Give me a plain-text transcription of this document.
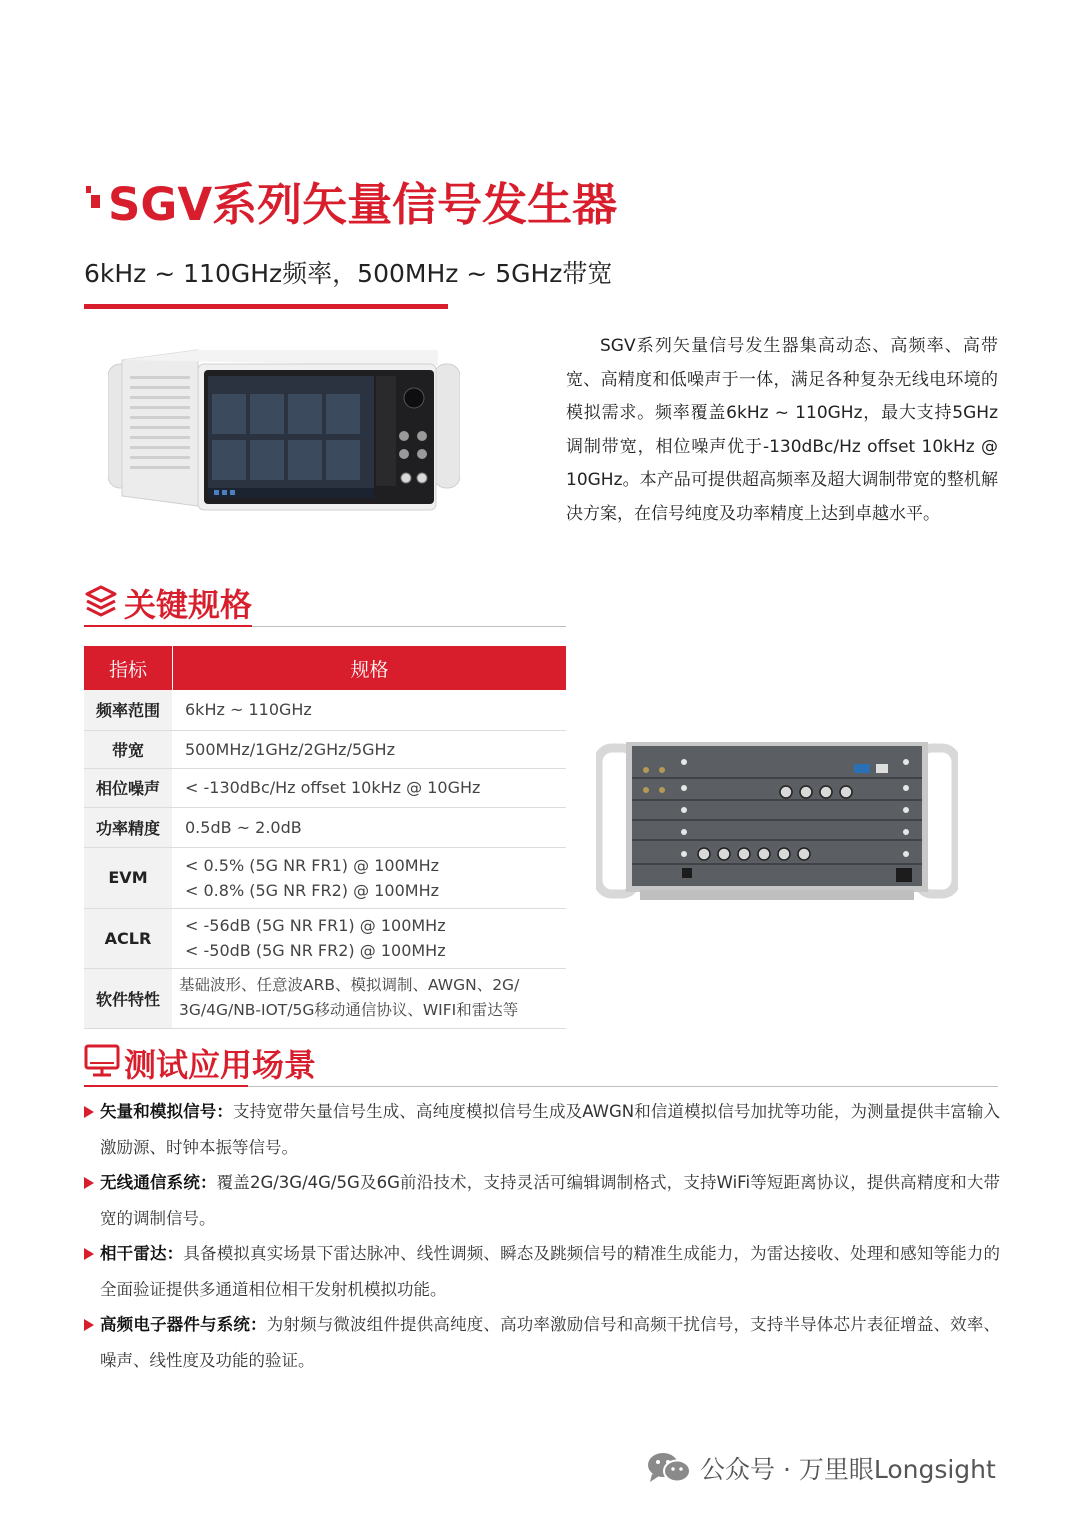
SGV系列矢量信号发生器
6kHz ~ 110GHz频率，500MHz ~ 5GHz带宽
SGV系列矢量信号发生器集高动态、高频率、高带宽、高精度和低噪声于一体，满足各种复杂无线电环境的模拟需求。频率覆盖6kHz ~ 110GHz，最大支持5GHz调制带宽，相位噪声优于-130dBc/Hz offset 10kHz @ 10GHz。本产品可提供超高频率及超大调制带宽的整机解决方案，在信号纯度及功率精度上达到卓越水平。
关键规格
指标	规格
频率范围	6kHz ~ 110GHz

带宽	500MHz/1GHz/2GHz/5GHz

相位噪声	< -130dBc/Hz offset 10kHz @ 10GHz

功率精度	0.5dB ~ 2.0dB

EVM	< 0.5% (5G NR FR1) @ 100MHz
< 0.8% (5G NR FR2) @ 100MHz

ACLR	< -56dB (5G NR FR1) @ 100MHz
< -50dB (5G NR FR2) @ 100MHz

软件特性	基础波形、任意波ARB、模拟调制、AWGN、2G/
3G/4G/NB-IOT/5G移动通信协议、WIFI和雷达等
测试应用场景
矢量和模拟信号：支持宽带矢量信号生成、高纯度模拟信号生成及AWGN和信道模拟信号加扰等功能，为测量提供丰富输入激励源、时钟本振等信号。
无线通信系统：覆盖2G/3G/4G/5G及6G前沿技术，支持灵活可编辑调制格式，支持WiFi等短距离协议，提供高精度和大带宽的调制信号。
相干雷达：具备模拟真实场景下雷达脉冲、线性调频、瞬态及跳频信号的精准生成能力，为雷达接收、处理和感知等能力的全面验证提供多通道相位相干发射机模拟功能。
高频电子器件与系统：为射频与微波组件提供高纯度、高功率激励信号和高频干扰信号，支持半导体芯片表征增益、效率、噪声、线性度及功能的验证。
公众号 · 万里眼Longsight
